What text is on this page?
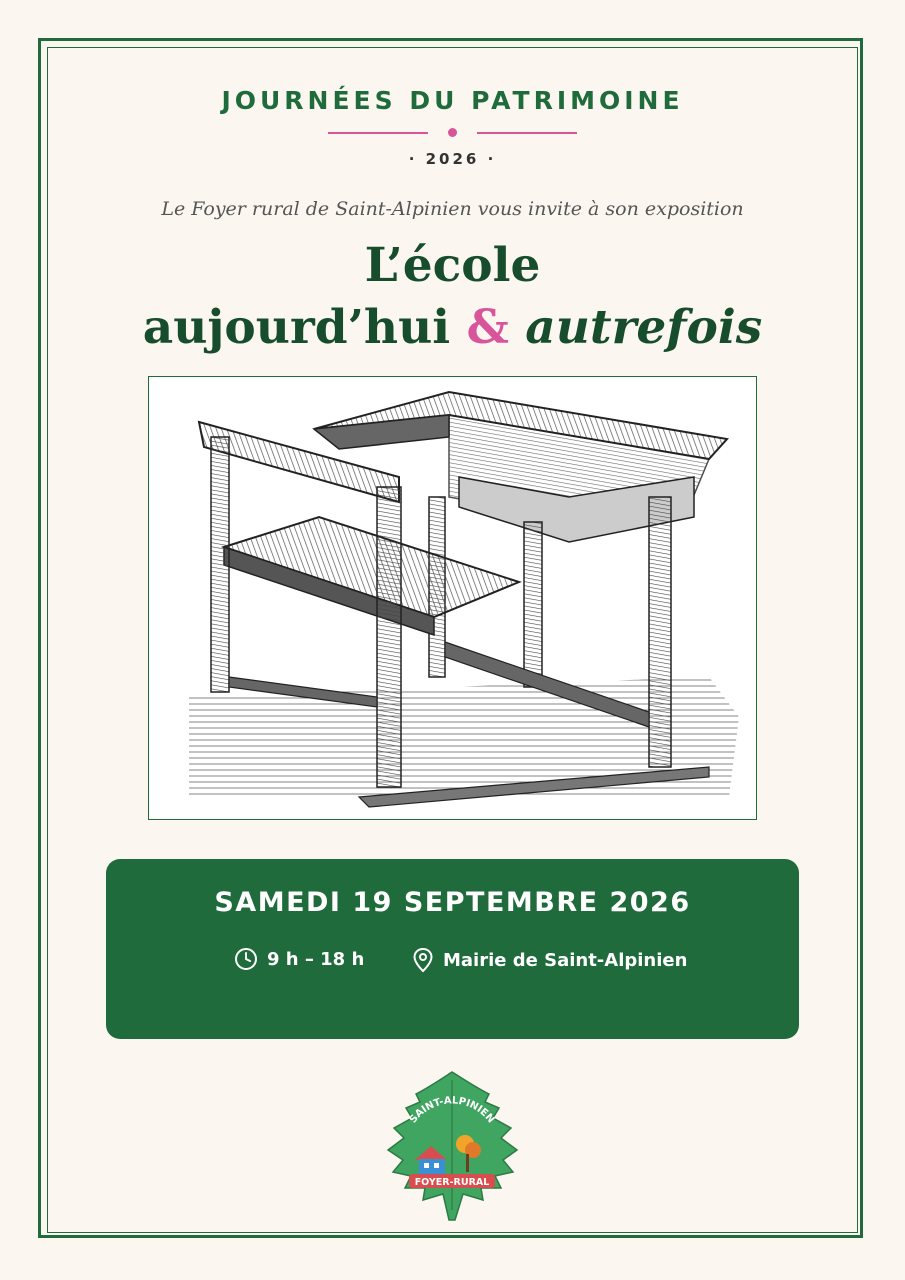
JOURNÉES DU PATRIMOINE
· 2026 ·
Le Foyer rural de Saint-Alpinien vous invite à son exposition
L’école
aujourd’hui & autrefois
SAMEDI 19 SEPTEMBRE 2026
9 h – 18 h	Mairie de Saint-Alpinien
SAINT-ALPINIEN
FOYER-RURAL
